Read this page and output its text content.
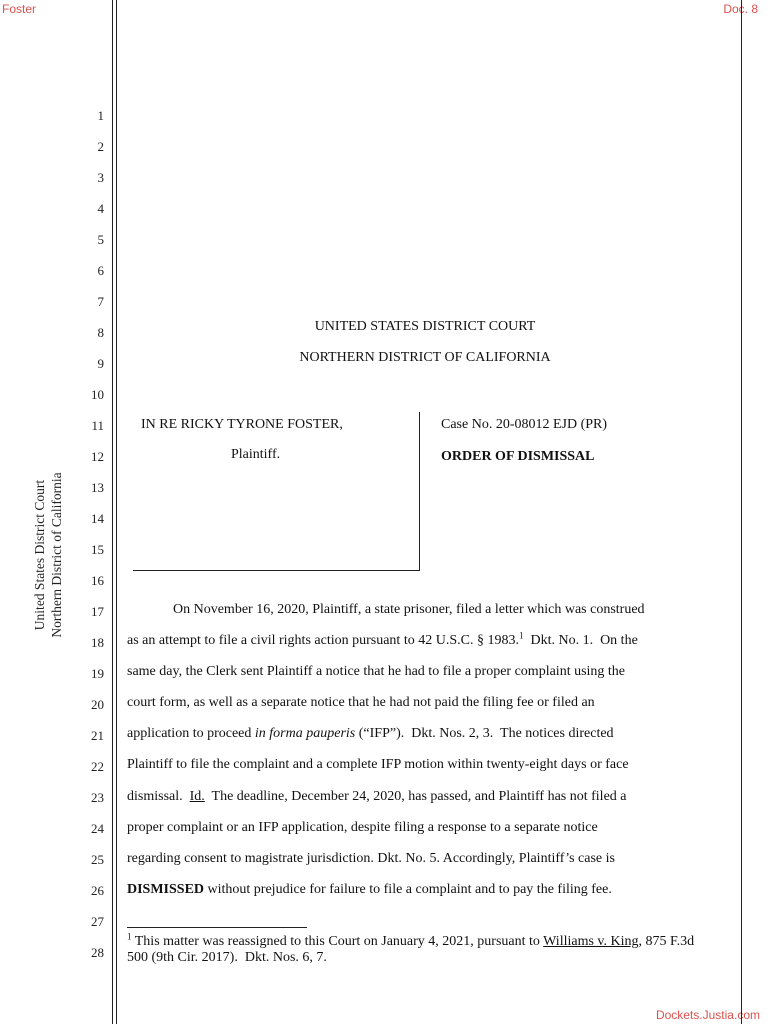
Foster	Doc. 8
Dockets.Justia.com
United States District Court Northern District of California
1
2
3
4
5
6
7
8
9
10
11
12
13
14
15
16
17
18
19
20
21
22
23
24
25
26
27
28
UNITED STATES DISTRICT COURT
NORTHERN DISTRICT OF CALIFORNIA
IN RE RICKY TYRONE FOSTER,
Plaintiff.
Case No. 20-08012 EJD (PR)
ORDER OF DISMISSAL
On November 16, 2020, Plaintiff, a state prisoner, filed a letter which was construed
as an attempt to file a civil rights action pursuant to 42 U.S.C. § 1983.$^1$  Dkt. No. 1.  On the
same day, the Clerk sent Plaintiff a notice that he had to file a proper complaint using the
court form, as well as a separate notice that he had not paid the filing fee or filed an
application to proceed in forma pauperis (“IFP”).  Dkt. Nos. 2, 3.  The notices directed
Plaintiff to file the complaint and a complete IFP motion within twenty-eight days or face
dismissal.  Id.  The deadline, December 24, 2020, has passed, and Plaintiff has not filed a
proper complaint or an IFP application, despite filing a response to a separate notice
regarding consent to magistrate jurisdiction. Dkt. No. 5. Accordingly, Plaintiff’s case is
DISMISSED without prejudice for failure to file a complaint and to pay the filing fee.
$^1$ This matter was reassigned to this Court on January 4, 2021, pursuant to Williams v. King, 875 F.3d 500 (9th Cir. 2017).  Dkt. Nos. 6, 7.
